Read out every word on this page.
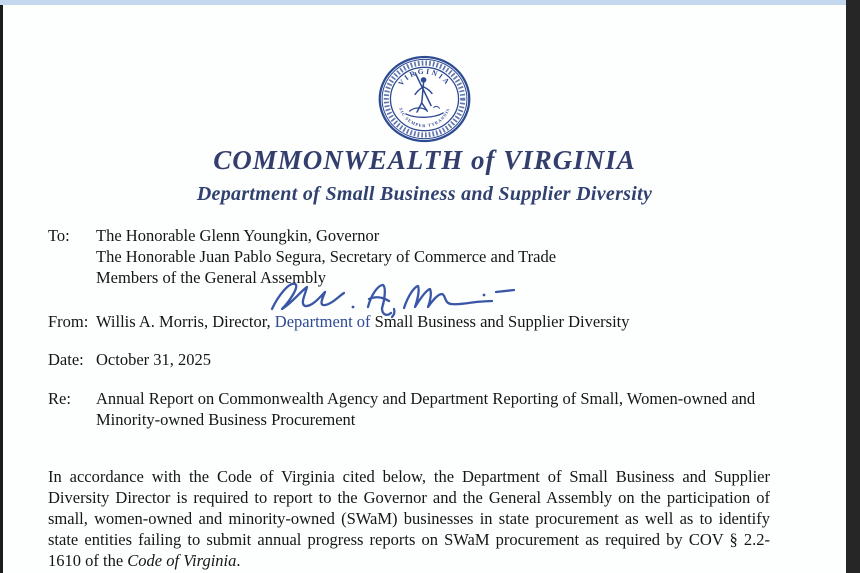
VIRGINIA
SIC SEMPER TYRANNIS
COMMONWEALTH of VIRGINIA
Department of Small Business and Supplier Diversity
To:	The Honorable Glenn Youngkin, Governor
The Honorable Juan Pablo Segura, Secretary of Commerce and Trade
Members of the General Assembly
From: Willis A. Morris, Director, Department of Small Business and Supplier Diversity
Date: October 31, 2025
Re:	Annual Report on Commonwealth Agency and Department Reporting of Small, Women-owned and Minority-owned Business Procurement

In accordance with the Code of Virginia cited below, the Department of Small Business and Supplier Diversity Director is required to report to the Governor and the General Assembly on the participation of small, women-owned and minority-owned (SWaM) businesses in state procurement as well as to identify state entities failing to submit annual progress reports on SWaM procurement as required by COV § 2.2-1610 of the Code of Virginia.
